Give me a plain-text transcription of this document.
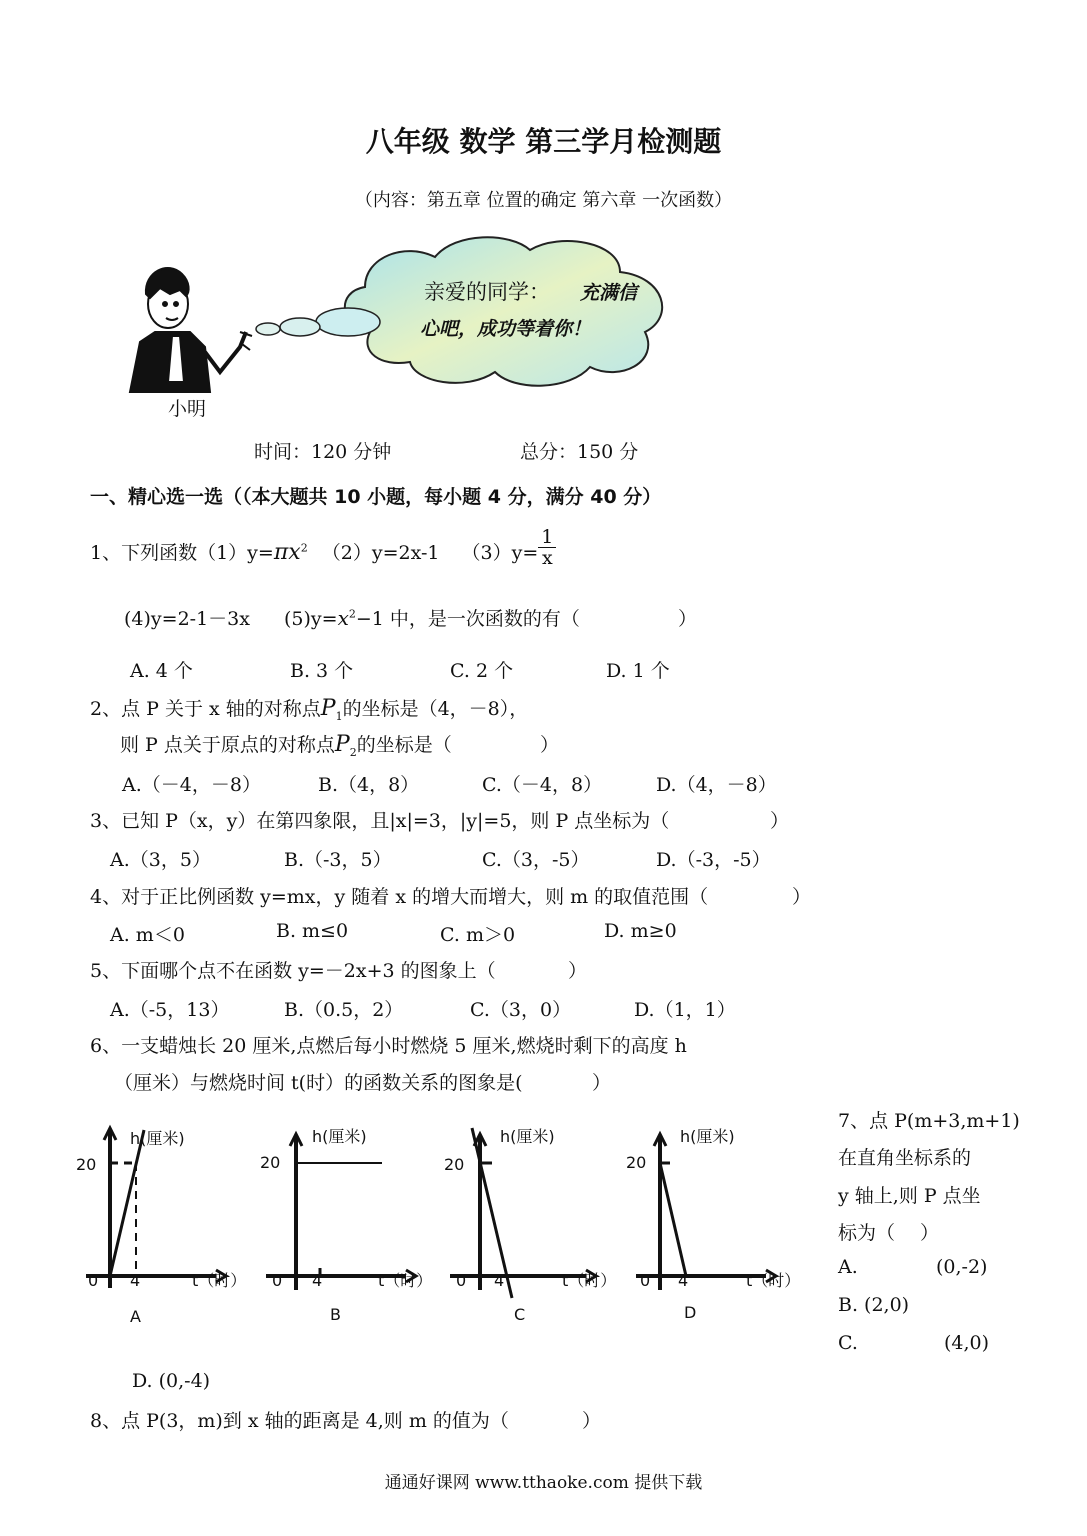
八年级 数学 第三学月检测题
（内容：第五章 位置的确定 第六章 一次函数）
亲爱的同学： 充满信
心吧，成功等着你！
小明
时间：120 分钟	总分：150 分
一、精心选一选（（本大题共 10 小题，每小题 4 分，满分 40 分）
1、下列函数$(1)y=\pi x^2$ （2）y=2x-1 $(3)y= \frac{1}{x}$
(4)y=2-1－3x $(5)y=x^2-1$ 中，是一次函数的有（	）
A. 4 个	B. 3 个	C. 2 个	D. 1 个
2、点 P 关于 x 轴的对称点$P_1$的坐标是（4，－8），
则 P 点关于原点的对称点$P_2$的坐标是（	）
A.（－4，－8）	B.（4，8）	C.（－4，8）	D.（4，－8）
3、已知 P（x，y）在第四象限，且|x|=3，|y|=5，则 P 点坐标为（	）
A.（3，5）	B.（-3，5）	C.（3，-5）	D.（-3，-5）
4、对于正比例函数 y=mx，y 随着 x 的增大而增大，则 m 的取值范围（	）
A. m＜0	B. m≤0	C. m＞0	D. m≥0
5、下面哪个点不在函数 y=－2x+3 的图象上（	）
A.（-5，13）	B.（0.5，2）	C.（3，0）	D.（1，1）
6、一支蜡烛长 20 厘米,点燃后每小时燃烧 5 厘米,燃烧时剩下的高度 h
（厘米）与燃烧时间 t(时）的函数关系的图象是(	）
h(厘米)
20
0 4	t（时）
A
h(厘米)
20
0 4	t（时）
B
h(厘米)
20
0 4	t（时）
C
h(厘米)
20
0 4	t（时）
D
7、点 P(m+3,m+1)
在直角坐标系的
y 轴上,则 P 点坐
标为（　 ）
A.	(0,-2)
B. (2,0)
C.	(4,0)
D. (0,-4)
8、点 P(3，m)到 x 轴的距离是 4,则 m 的值为（	）
通通好课网 www.tthaoke.com 提供下载
